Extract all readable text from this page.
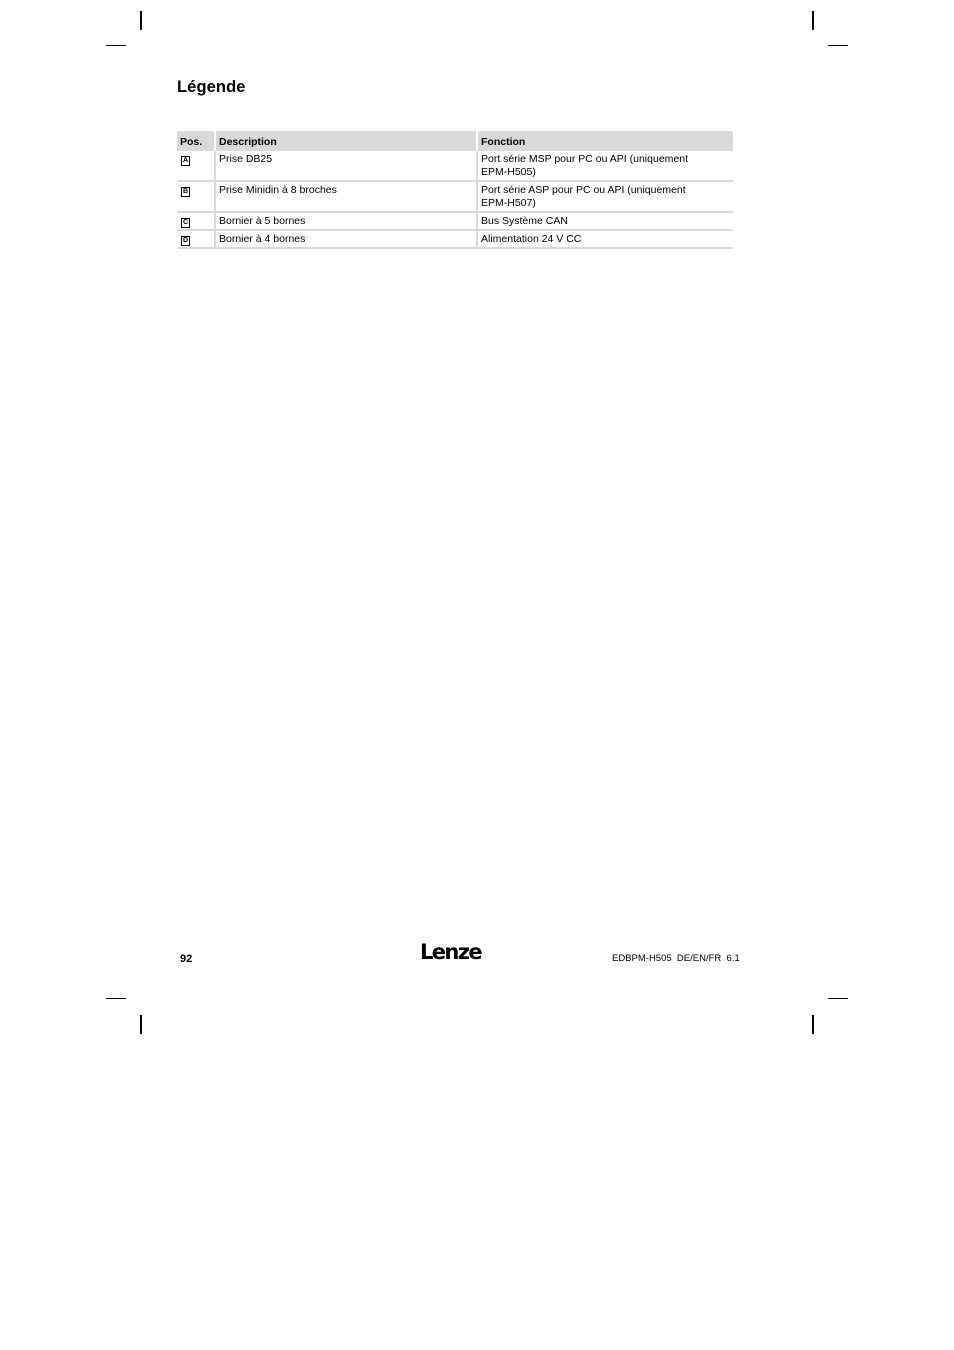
Légende
Pos.	Description	Fonction
A	Prise DB25	Port série MSP pour PC ou API (uniquement
EPM-H505)

B	Prise Minidin à 8 broches	Port série ASP pour PC ou API (uniquement
EPM-H507)

C	Bornier à 5 bornes	Bus Système CAN
D	Bornier à 4 bornes	Alimentation 24 V CC
92	Lenze	EDBPM-H505  DE/EN/FR  6.1
